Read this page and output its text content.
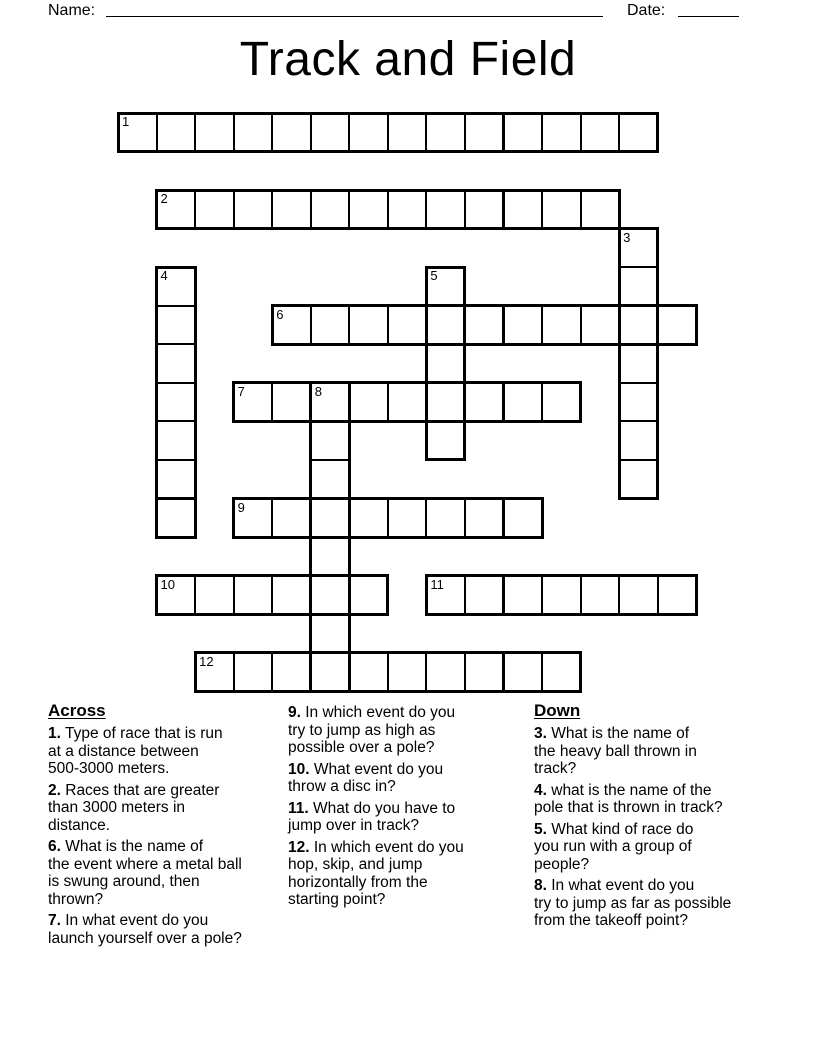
Name:	Date:
Track and Field
1
2
3
4	5
6
7	8
9
10	11
12
Across
1. Type of race that is run
at a distance between
500-3000 meters.
2. Races that are greater
than 3000 meters in
distance.
6. What is the name of
the event where a metal ball
is swung around, then
thrown?
7. In what event do you
launch yourself over a pole?
9. In which event do you
try to jump as high as
possible over a pole?
10. What event do you
throw a disc in?
11. What do you have to
jump over in track?
12. In which event do you
hop, skip, and jump
horizontally from the
starting point?
Down
3. What is the name of
the heavy ball thrown in
track?
4. what is the name of the
pole that is thrown in track?
5. What kind of race do
you run with a group of
people?
8. In what event do you
try to jump as far as possible
from the takeoff point?
